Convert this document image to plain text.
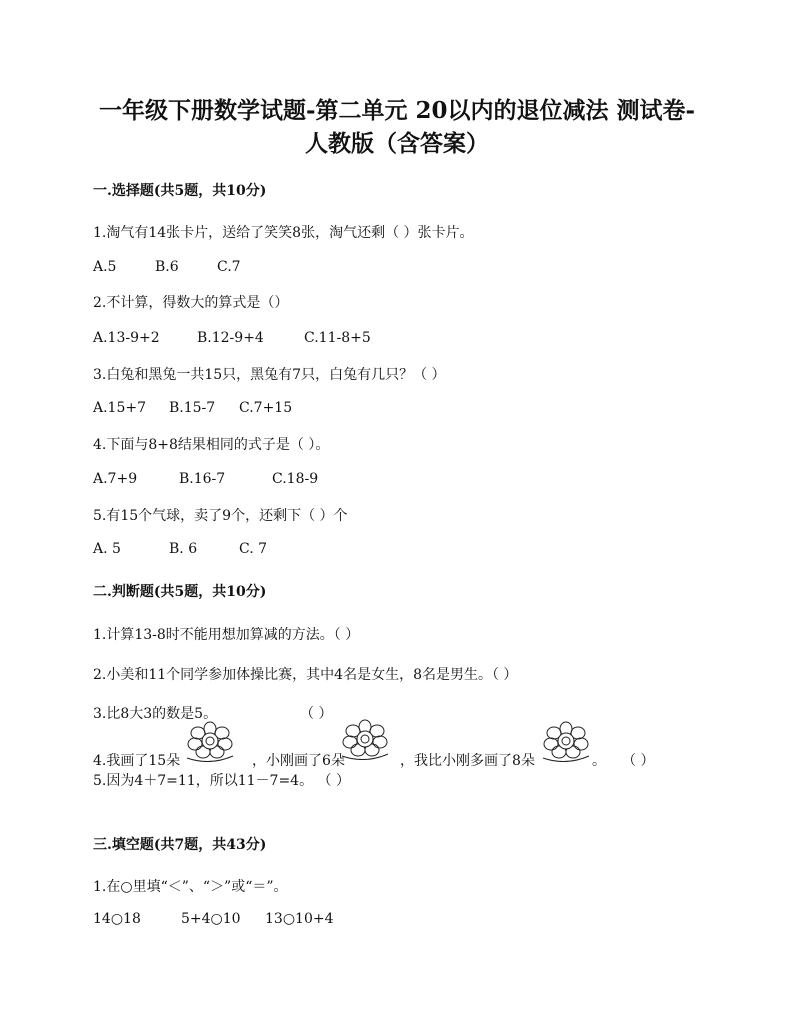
一年级下册数学试题-第二单元 20以内的退位减法 测试卷-
人教版（含答案）
一.选择题(共5题，共10分)
1.淘气有14张卡片，送给了笑笑8张，淘气还剩（ ）张卡片。
A.5	B.6	C.7
2.不计算，得数大的算式是（）
A.13-9+2	B.12-9+4	C.11-8+5
3.白兔和黑兔一共15只，黑兔有7只，白兔有几只？（ ）
A.15+7 B.15-7 C.7+15
4.下面与8+8结果相同的式子是（ ）。
A.7+9	B.16-7	C.18-9
5.有15个气球，卖了9个，还剩下（ ）个
A. 5	B. 6	C. 7
二.判断题(共5题，共10分)
1.计算13-8时不能用想加算减的方法。（ ）
2.小美和11个同学参加体操比赛，其中4名是女生，8名是男生。（ ）
3.比8大3的数是5。	（ ）
4.我画了15朵	，小刚画了6朵	，我比小刚多画了8朵	。 （ ）
5.因为4＋7=11，所以11－7=4。 （ ）
三.填空题(共7题，共43分)
1.在○里填“＜”、“＞”或“＝”。
14○18	5+4○10 13○10+4
